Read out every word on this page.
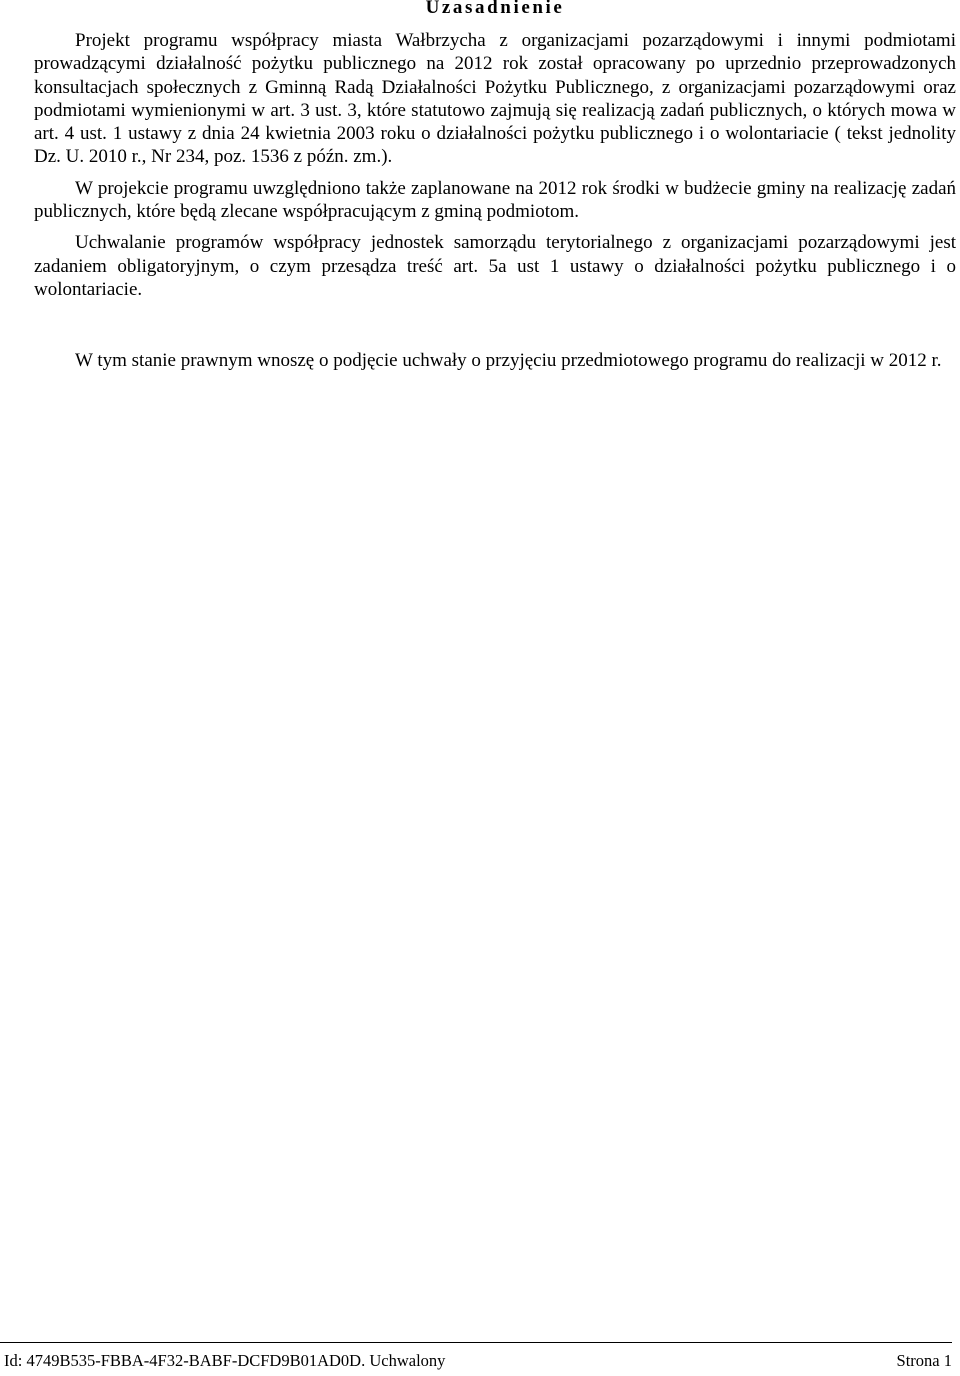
Uzasadnienie

Projekt programu współpracy miasta Wałbrzycha z organizacjami pozarządowymi i innymi podmiotami prowadzącymi działalność pożytku publicznego na 2012 rok został opracowany po uprzednio przeprowadzonych konsultacjach społecznych z Gminną Radą Działalności Pożytku Publicznego, z organizacjami pozarządowymi oraz podmiotami wymienionymi w art. 3 ust. 3, które statutowo zajmują się realizacją zadań publicznych, o których mowa w art. 4 ust. 1 ustawy z dnia 24 kwietnia 2003 roku o działalności pożytku publicznego i o wolontariacie ( tekst jednolity Dz. U. 2010 r., Nr 234, poz. 1536 z późn. zm.).

W projekcie programu uwzględniono także zaplanowane na 2012 rok środki w budżecie gminy na realizację zadań publicznych, które będą zlecane współpracującym z gminą podmiotom.

Uchwalanie programów współpracy jednostek samorządu terytorialnego z organizacjami pozarządowymi jest zadaniem obligatoryjnym, o czym przesądza treść art. 5a ust 1 ustawy o działalności pożytku publicznego i o wolontariacie.

W tym stanie prawnym wnoszę o podjęcie uchwały o przyjęciu przedmiotowego programu do realizacji w 2012 r.

Id: 4749B535-FBBA-4F32-BABF-DCFD9B01AD0D. Uchwalony	Strona 1
